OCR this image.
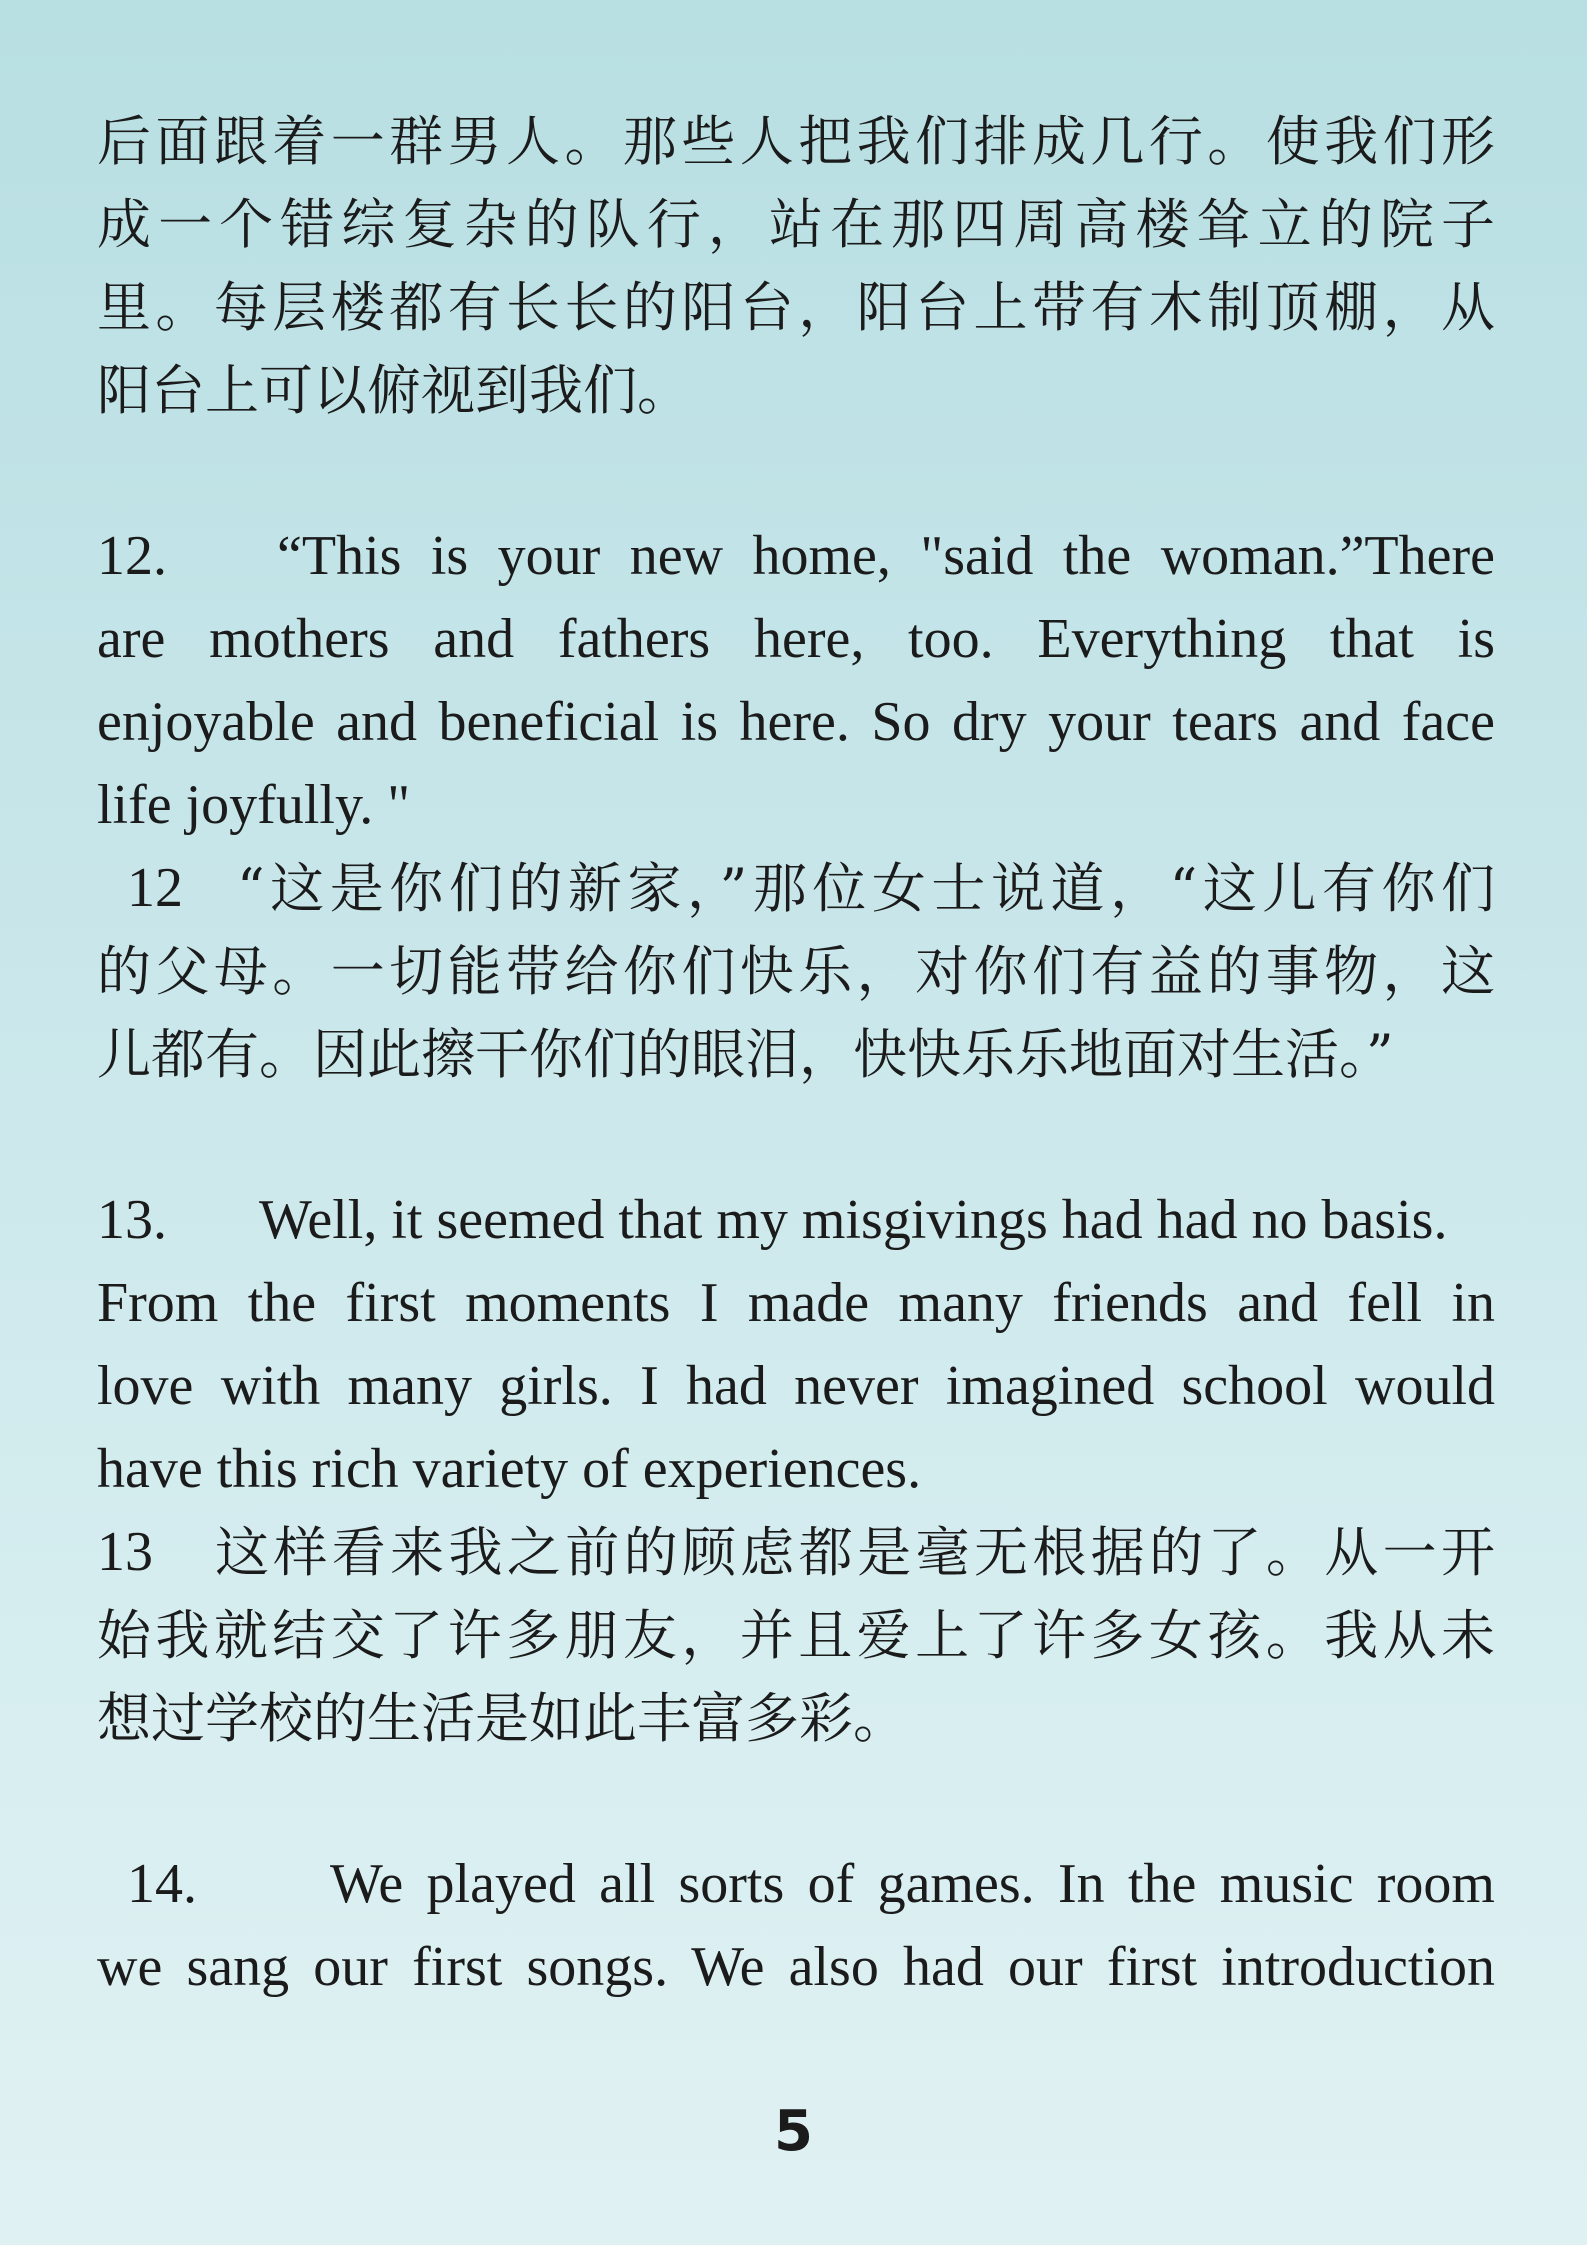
后面跟着一群男人。那些人把我们排成几行。使我们形
成一个错综复杂的队行，站在那四周高楼耸立的院子
里。每层楼都有长长的阳台，阳台上带有木制顶棚，从
阳台上可以俯视到我们。
12.	“This is your new home, "said the woman.”There
are mothers and fathers here, too. Everything that is
enjoyable and beneficial is here. So dry your tears and face
life joyfully. "
12	“这是你们的新家，”那位女士说道，“这儿有你们
的父母。一切能带给你们快乐，对你们有益的事物，这
儿都有。因此擦干你们的眼泪，快快乐乐地面对生活。”
13.	Well, it seemed that my misgivings had had no basis.
From the first moments I made many friends and fell in
love with many girls. I had never imagined school would
have this rich variety of experiences.
13	这样看来我之前的顾虑都是毫无根据的了。从一开
始我就结交了许多朋友，并且爱上了许多女孩。我从未
想过学校的生活是如此丰富多彩。
14.	We played all sorts of games. In the music room
we sang our first songs. We also had our first introduction
5
